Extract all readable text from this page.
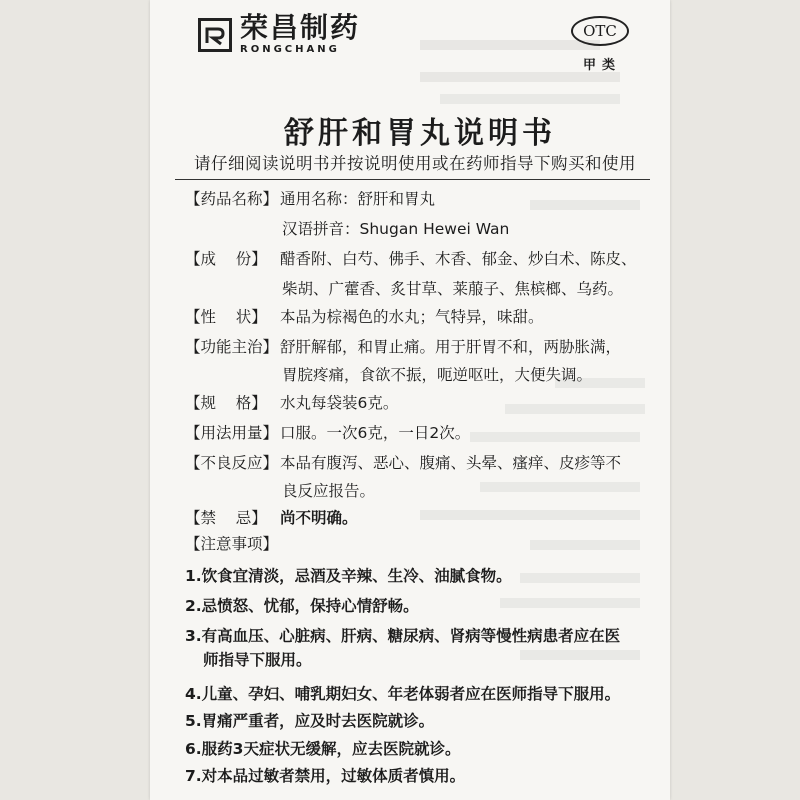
荣昌制药
RONGCHANG
OTC
甲类
舒肝和胃丸说明书
请仔细阅读说明书并按说明使用或在药师指导下购买和使用
【药品名称】 通用名称：舒肝和胃丸
汉语拼音：Shugan Hewei Wan
【成    份】 醋香附、白芍、佛手、木香、郁金、炒白术、陈皮、
柴胡、广藿香、炙甘草、莱菔子、焦槟榔、乌药。
【性    状】 本品为棕褐色的水丸；气特异，味甜。
【功能主治】 舒肝解郁，和胃止痛。用于肝胃不和，两胁胀满，
胃脘疼痛，食欲不振，呃逆呕吐，大便失调。
【规    格】 水丸每袋装6克。
【用法用量】 口服。一次6克，一日2次。
【不良反应】 本品有腹泻、恶心、腹痛、头晕、瘙痒、皮疹等不
良反应报告。
【禁    忌】 尚不明确。
【注意事项】
1.饮食宜清淡，忌酒及辛辣、生冷、油腻食物。
2.忌愤怒、忧郁，保持心情舒畅。
3.有高血压、心脏病、肝病、糖尿病、肾病等慢性病患者应在医
师指导下服用。
4.儿童、孕妇、哺乳期妇女、年老体弱者应在医师指导下服用。
5.胃痛严重者，应及时去医院就诊。
6.服药3天症状无缓解，应去医院就诊。
7.对本品过敏者禁用，过敏体质者慎用。
